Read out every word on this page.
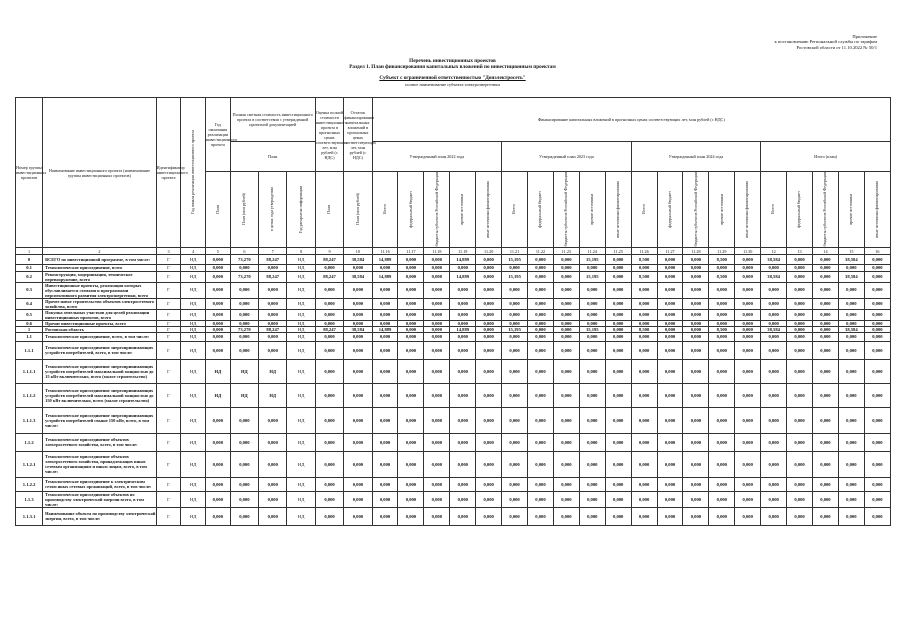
Приложение
к постановлению Региональной службы по тарифам
Ростовской области от 11.10.2022 № 50/1
Перечень инвестиционных проектов
Раздел 1. План финансирования капитальных вложений по инвестиционным проектам
Субъект с ограниченной ответственностью "Донэлектросеть"
полное наименование субъекта электроэнергетики
Номер группы инвестиционных проектов	Наименование инвестиционного проекта (наименование группы инвестиционных проектов)	Идентификатор инвестиционного проекта	Год начала реализации инвестиционного проекта	Год окончания реализации инвестиционного проекта	Полная сметная стоимость инвестиционного проекта в соответствии с утвержденной проектной документацией			Оценка полной стоимости инвестиционного проекта в прогнозных ценах соответствующих лет, млн рублей (с НДС)	Остаток финансирования капитальных вложений в прогнозных ценах соответствующих лет, млн рублей (с НДС)	Финансирование капитальных вложений в прогнозных ценах соответствующих лет, млн рублей (с НДС)																			
					План					Утвержденный план 2022 года					Утвержденный план 2023 года					Утвержденный план 2024 года					Итого (план)				
				План	План (млн рублей)	в ценах года утверждения	Год раскрытия информации	План	План (млн рублей)	Всего	федеральный бюджет	бюджеты субъектов Российской Федерации	прочие источники	иные источники финансирования	Всего	федеральный бюджет	бюджеты субъектов Российской Федерации	прочие источники	иные источники финансирования	Всего	федеральный бюджет	бюджеты субъектов Российской Федерации	прочие источники	иные источники финансирования	Всего	федеральный бюджет	бюджеты субъектов Российской Федерации	прочие источники	иные источники финансирования
1	2	3	4	5	6	7	8	9	10	11.16	11.17	11.18	11.19	11.20	11.21	11.22	11.23	11.24	11.25	11.26	11.27	11.28	11.29	11.30	12	13	14	15	16
0	ВСЕГО по инвестиционной программе, в том числе:	Г	НД	0,000	73,270	88,247	НД	88,247	38,584	14,889	0,000	0,000	14,889	0,000	15,195	0,000	0,000	15,195	0,000	8,500	0,000	0,000	8,500	0,000	38,584	0,000	0,000	38,584	0,000
0.1	Технологическое присоединение, всего	Г	НД	0,000	0,000	0,000	НД	0,000	0,000	0,000	0,000	0,000	0,000	0,000	0,000	0,000	0,000	0,000	0,000	0,000	0,000	0,000	0,000	0,000	0,000	0,000	0,000	0,000	0,000
0.2	Реконструкция, модернизация, техническое перевооружение, всего	Г	НД	0,000	73,270	88,247	НД	88,247	38,584	14,889	0,000	0,000	14,889	0,000	15,195	0,000	0,000	15,195	0,000	8,500	0,000	0,000	8,500	0,000	38,584	0,000	0,000	38,584	0,000
0.3	Инвестиционные проекты, реализация которых обуславливается схемами и программами перспективного развития электроэнергетики, всего	Г	НД	0,000	0,000	0,000	НД	0,000	0,000	0,000	0,000	0,000	0,000	0,000	0,000	0,000	0,000	0,000	0,000	0,000	0,000	0,000	0,000	0,000	0,000	0,000	0,000	0,000	0,000
0.4	Прочее новое строительство объектов электросетевого хозяйства, всего	Г	НД	0,000	0,000	0,000	НД	0,000	0,000	0,000	0,000	0,000	0,000	0,000	0,000	0,000	0,000	0,000	0,000	0,000	0,000	0,000	0,000	0,000	0,000	0,000	0,000	0,000	0,000
0.5	Покупка земельных участков для целей реализации инвестиционных проектов, всего	Г	НД	0,000	0,000	0,000	НД	0,000	0,000	0,000	0,000	0,000	0,000	0,000	0,000	0,000	0,000	0,000	0,000	0,000	0,000	0,000	0,000	0,000	0,000	0,000	0,000	0,000	0,000
0.6	Прочие инвестиционные проекты, всего	Г	НД	0,000	0,000	0,000	НД	0,000	0,000	0,000	0,000	0,000	0,000	0,000	0,000	0,000	0,000	0,000	0,000	0,000	0,000	0,000	0,000	0,000	0,000	0,000	0,000	0,000	0,000
1	Ростовская область	Г	НД	0,000	73,270	88,247	НД	88,247	38,584	14,889	0,000	0,000	14,889	0,000	15,195	0,000	0,000	15,195	0,000	8,500	0,000	0,000	8,500	0,000	38,584	0,000	0,000	38,584	0,000
1.1	Технологическое присоединение, всего, в том числе:	Г	НД	0,000	0,000	0,000	НД	0,000	0,000	0,000	0,000	0,000	0,000	0,000	0,000	0,000	0,000	0,000	0,000	0,000	0,000	0,000	0,000	0,000	0,000	0,000	0,000	0,000	0,000
1.1.1	Технологическое присоединение энергопринимающих устройств потребителей, всего, в том числе:	Г	НД	0,000	0,000	0,000	НД	0,000	0,000	0,000	0,000	0,000	0,000	0,000	0,000	0,000	0,000	0,000	0,000	0,000	0,000	0,000	0,000	0,000	0,000	0,000	0,000	0,000	0,000
1.1.1.1	Технологическое присоединение энергопринимающих устройств потребителей максимальной мощностью до 15 кВт включительно, всего (малое строительство)	Г	НД	НД	НД	НД	НД	0,000	0,000	0,000	0,000	0,000	0,000	0,000	0,000	0,000	0,000	0,000	0,000	0,000	0,000	0,000	0,000	0,000	0,000	0,000	0,000	0,000	0,000
1.1.1.2	Технологическое присоединение энергопринимающих устройств потребителей максимальной мощностью до 150 кВт включительно, всего (малое строительство)	Г	НД	НД	НД	НД	НД	0,000	0,000	0,000	0,000	0,000	0,000	0,000	0,000	0,000	0,000	0,000	0,000	0,000	0,000	0,000	0,000	0,000	0,000	0,000	0,000	0,000	0,000
1.1.1.3	Технологическое присоединение энергопринимающих устройств потребителей свыше 150 кВт, всего, в том числе:	Г	НД	0,000	0,000	0,000	НД	0,000	0,000	0,000	0,000	0,000	0,000	0,000	0,000	0,000	0,000	0,000	0,000	0,000	0,000	0,000	0,000	0,000	0,000	0,000	0,000	0,000	0,000
1.1.2	Технологическое присоединение объектов электросетевого хозяйства, всего, в том числе:	Г	НД	0,000	0,000	0,000	НД	0,000	0,000	0,000	0,000	0,000	0,000	0,000	0,000	0,000	0,000	0,000	0,000	0,000	0,000	0,000	0,000	0,000	0,000	0,000	0,000	0,000	0,000
1.1.2.1	Технологическое присоединение объектов электросетевого хозяйства, принадлежащих иным сетевым организациям и иным лицам, всего, в том числе:	Г	НД	0,000	0,000	0,000	НД	0,000	0,000	0,000	0,000	0,000	0,000	0,000	0,000	0,000	0,000	0,000	0,000	0,000	0,000	0,000	0,000	0,000	0,000	0,000	0,000	0,000	0,000
1.1.2.2	Технологическое присоединение к электрическим сетям иных сетевых организаций, всего, в том числе:	Г	НД	0,000	0,000	0,000	НД	0,000	0,000	0,000	0,000	0,000	0,000	0,000	0,000	0,000	0,000	0,000	0,000	0,000	0,000	0,000	0,000	0,000	0,000	0,000	0,000	0,000	0,000
1.1.3	Технологическое присоединение объектов по производству электрической энергии всего, в том числе:	Г	НД	0,000	0,000	0,000	НД	0,000	0,000	0,000	0,000	0,000	0,000	0,000	0,000	0,000	0,000	0,000	0,000	0,000	0,000	0,000	0,000	0,000	0,000	0,000	0,000	0,000	0,000
1.1.3.1	Наименование объекта по производству электрической энергии, всего, в том числе:	Г	НД	0,000	0,000	0,000	НД	0,000	0,000	0,000	0,000	0,000	0,000	0,000	0,000	0,000	0,000	0,000	0,000	0,000	0,000	0,000	0,000	0,000	0,000	0,000	0,000	0,000	0,000
